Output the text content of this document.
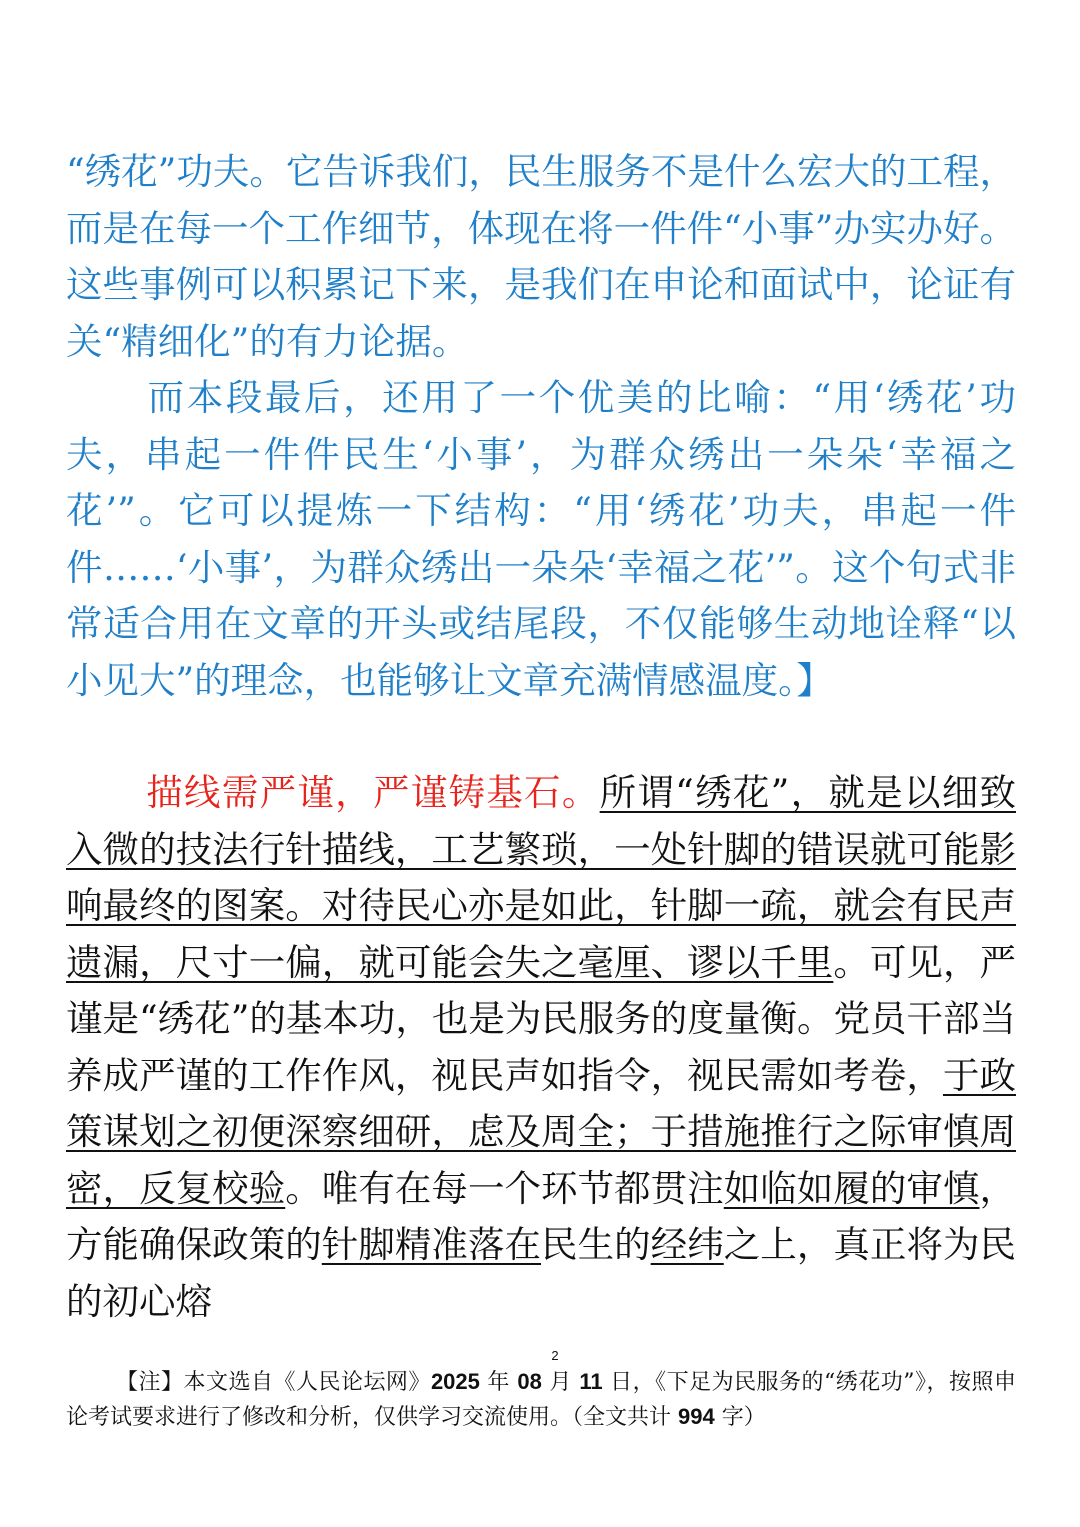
“绣花”功夫。它告诉我们，民生服务不是什么宏大的工程，而是在每一个工作细节，体现在将一件件“小事”办实办好。这些事例可以积累记下来，是我们在申论和面试中，论证有关“精细化”的有力论据。
而本段最后，还用了一个优美的比喻：“用‘绣花’功夫，串起一件件民生‘小事’，为群众绣出一朵朵‘幸福之花’”。它可以提炼一下结构：“用‘绣花’功夫，串起一件件……‘小事’，为群众绣出一朵朵‘幸福之花’”。这个句式非常适合用在文章的开头或结尾段，不仅能够生动地诠释“以小见大”的理念，也能够让文章充满情感温度。】
描线需严谨，严谨铸基石。所谓“绣花”，就是以细致入微的技法行针描线，工艺繁琐，一处针脚的错误就可能影响最终的图案。对待民心亦是如此，针脚一疏，就会有民声遗漏，尺寸一偏，就可能会失之毫厘、谬以千里。可见，严谨是“绣花”的基本功，也是为民服务的度量衡。党员干部当养成严谨的工作作风，视民声如指令，视民需如考卷，于政策谋划之初便深察细研，虑及周全；于措施推行之际审慎周密，反复校验。唯有在每一个环节都贯注如临如履的审慎，方能确保政策的针脚精准落在民生的经纬之上，真正将为民的初心熔
2
【注】本文选自《人民论坛网》2025 年 08 月 11 日，《下足为民服务的“绣花功”》，按照申论考试要求进行了修改和分析，仅供学习交流使用。（全文共计 994 字）
